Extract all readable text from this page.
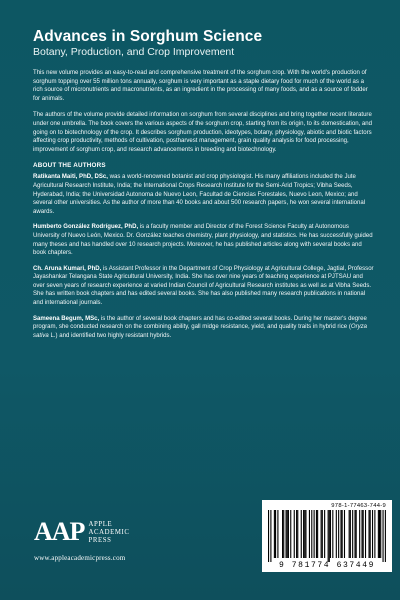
Advances in Sorghum Science
Botany, Production, and Crop Improvement

This new volume provides an easy-to-read and comprehensive treatment of the sorghum crop. With the world's production of sorghum topping over 55 million tons annually, sorghum is very important as a staple dietary food for much of the world as a rich source of micronutrients and macronutrients, as an ingredient in the processing of many foods, and as a source of fodder for animals.

The authors of the volume provide detailed information on sorghum from several disciplines and bring together recent literature under one umbrella. The book covers the various aspects of the sorghum crop, starting from its origin, to its domestication, and going on to biotechnology of the crop. It describes sorghum production, ideotypes, botany, physiology, abiotic and biotic factors affecting crop productivity, methods of cultivation, postharvest management, grain quality analysis for food processing, improvement of sorghum crop, and research advancements in breeding and biotechnology.

ABOUT THE AUTHORS

Ratikanta Maiti, PhD, DSc, was a world-renowned botanist and crop physiologist. His many affiliations included the Jute Agricultural Research Institute, India; the International Crops Research Institute for the Semi-Arid Tropics; Vibha Seeds, Hyderabad, India; the Universidad Autonoma de Nuevo Leon, Facultad de Ciencias Forestales, Nuevo Leon, Mexico; and several other universities. As the author of more than 40 books and about 500 research papers, he won several international awards.

Humberto González Rodríguez, PhD, is a faculty member and Director of the Forest Science Faculty at Autonomous University of Nuevo León, Mexico. Dr. González teaches chemistry, plant physiology, and statistics. He has successfully guided many theses and has handled over 10 research projects. Moreover, he has published articles along with several books and book chapters.

Ch. Aruna Kumari, PhD, is Assistant Professor in the Department of Crop Physiology at Agricultural College, Jagtial, Professor Jayashankar Telangana State Agricultural University, India. She has over nine years of teaching experience at PJTSAU and over seven years of research experience at varied Indian Council of Agricultural Research institutes as well as at Vibha Seeds. She has written book chapters and has edited several books. She has also published many research publications in national and international journals.

Sameena Begum, MSc, is the author of several book chapters and has co-edited several books. During her master's degree program, she conducted research on the combining ability, gall midge resistance, yield, and quality traits in hybrid rice (Oryza sativa L.) and identified two highly resistant hybrids.

AAP APPLE
ACADEMIC
PRESS
www.appleacademicpress.com
978-1-77463-744-9
9 781774 637449
